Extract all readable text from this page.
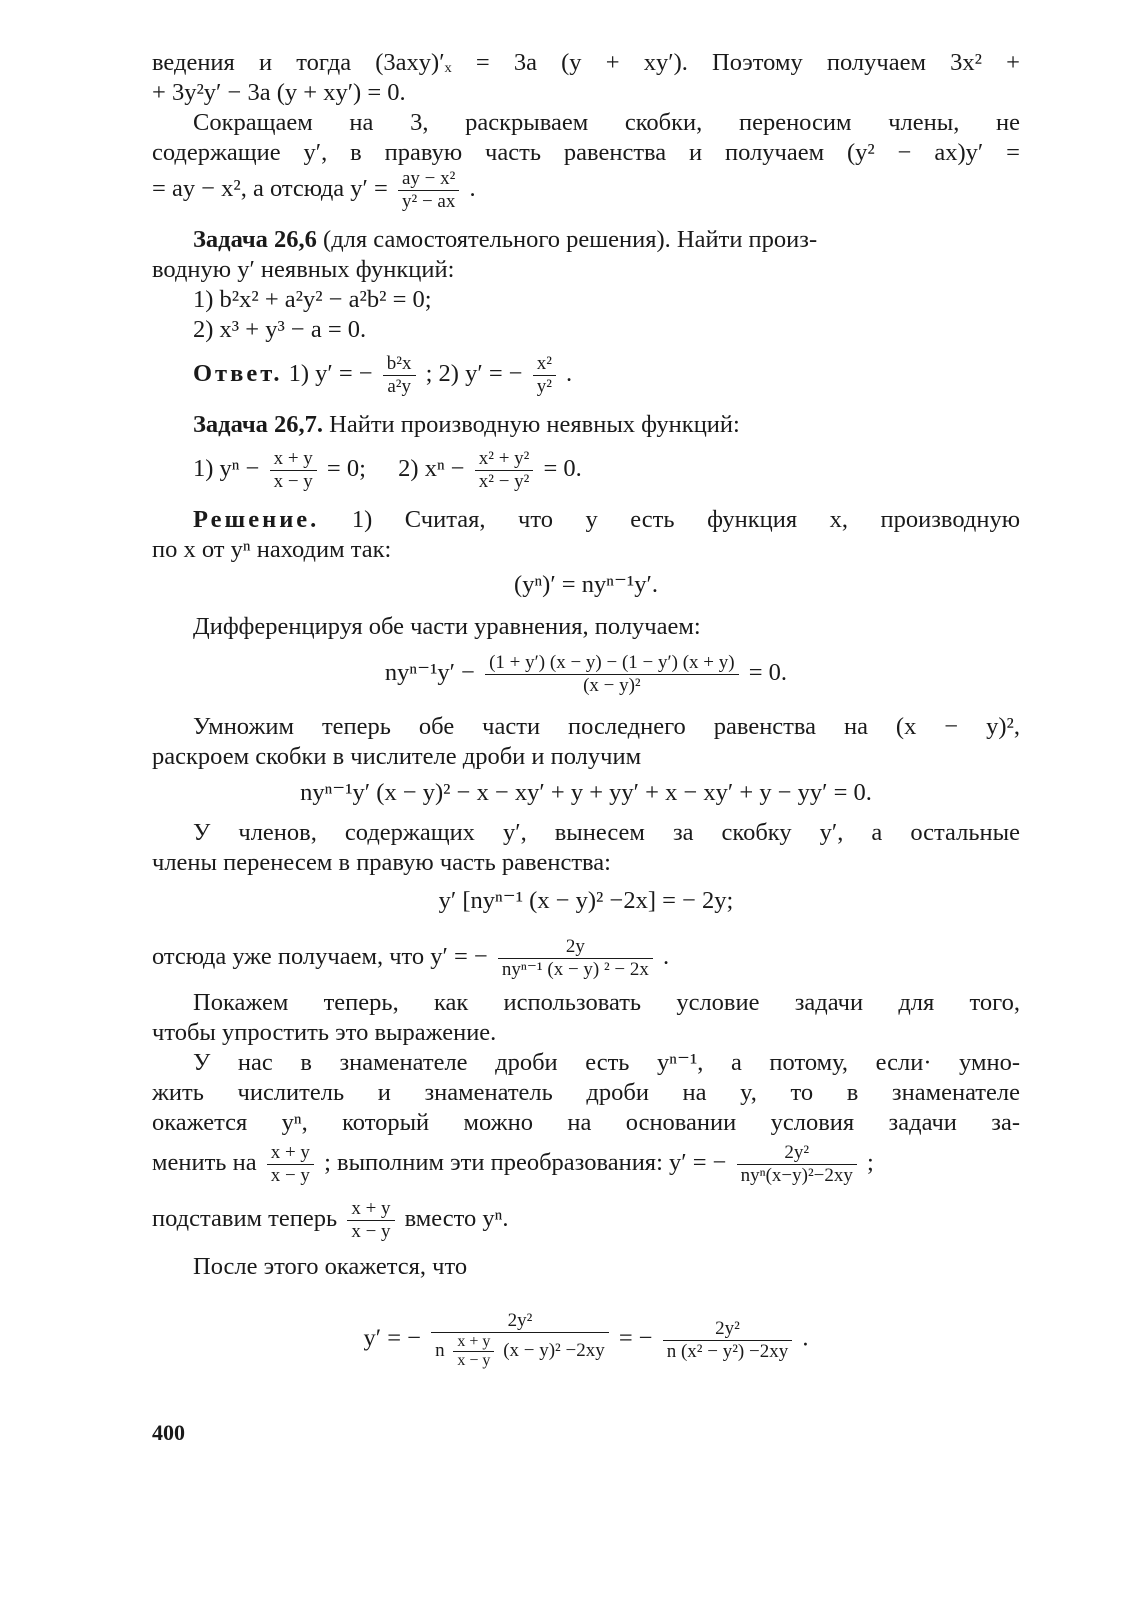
ведения и тогда (3axy)′ₓ = 3a (y + xy′). Поэтому получаем 3x² +
+ 3y²y′ − 3a (y + xy′) = 0.
Сокращаем на 3, раскрываем скобки, переносим члены, не
содержащие y′, в правую часть равенства и получаем (y² − ax)y′ =
= ay − x², а отсюда $y' = \frac{\text{ay − x²}}{\text{y² − ax}}$ .
Задача 26,6 (для самостоятельного решения). Найти произ-
водную y′ неявных функций:
1) b²x² + a²y² − a²b² = 0;
2) x³ + y³ − a = 0.
Ответ. 1) y′ = − $\frac{\text{b²x}}{\text{a²y}}$ ; 2) y′ = − $\frac{\text{x²}}{\text{y²}}$ .
Задача 26,7. Найти производную неявных функций:
1) $y^n - \frac{x + y}{x - y} = 0$; 2) $x^n - \frac{\text{x² + y²}}{\text{x² − y²}} = 0$.
Решение. 1) Считая, что y есть функция x, производную
по x от yⁿ находим так:
(yⁿ)′ = nyⁿ⁻¹y′.
Дифференцируя обе части уравнения, получаем:
$ny^{n-1}y' - \frac{(1 + y') (x - y) - (1 - y') (x + y)}{\text{(x − y)²}} = 0$.
Умножим теперь обе части последнего равенства на (x − y)²,
раскроем скобки в числителе дроби и получим
nyⁿ⁻¹y′ (x − y)² − x − xy′ + y + yy′ + x − xy′ + y − yy′ = 0.
У членов, содержащих y′, вынесем за скобку y′, а остальные
члены перенесем в правую часть равенства:
y′ [nyⁿ⁻¹ (x − y)² −2x] = − 2y;
отсюда уже получаем, что y′ = − $\frac{2y}{\text{nyⁿ⁻¹ (x − y) ² − 2x}}$ .
Покажем теперь, как использовать условие задачи для того,
чтобы упростить это выражение.
У нас в знаменателе дроби есть yⁿ⁻¹, а потому, если· умно-
жить числитель и знаменатель дроби на y, то в знаменателе
окажется yⁿ, который можно на основании условия задачи за-
менить на $\frac{x + y}{x - y}$ ; выполним эти преобразования: y′ = − $\frac{\text{2y²}}{\text{nyⁿ(x−y)²−2xy}}$ ;
подставим теперь $\frac{x + y}{x - y}$ вместо yⁿ.
После этого окажется, что
y′ = − $\frac{\text{2y²}}{n \frac{x + y}{x - y} (x - y)^2 -2xy}$ = − $\frac{\text{2y²}}{\text{n (x² − y²) −2xy}}$ .
400
